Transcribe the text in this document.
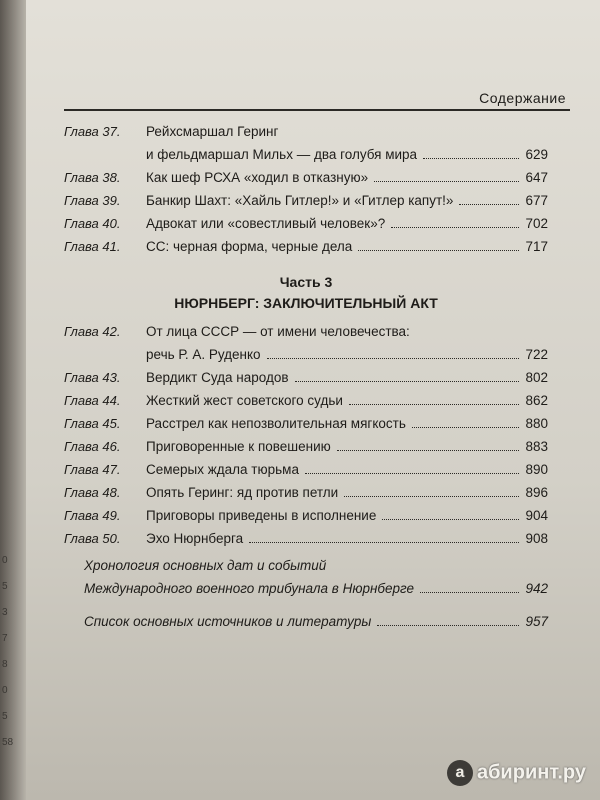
0
5
3
7
8
0
5
58
Содержание
Глава 37.	Рейхсмаршал Геринг
и фельдмаршал Мильх — два голубя мира	629
Глава 38.	Как шеф РСХА «ходил в отказную»	647
Глава 39.	Банкир Шахт: «Хайль Гитлер!» и «Гитлер капут!»	677
Глава 40.	Адвокат или «совестливый человек»?	702
Глава 41.	СС: черная форма, черные дела	717
Часть 3
НЮРНБЕРГ: ЗАКЛЮЧИТЕЛЬНЫЙ АКТ
Глава 42.	От лица СССР — от имени человечества:
речь Р. А. Руденко	722
Глава 43.	Вердикт Суда народов	802
Глава 44.	Жесткий жест советского судьи	862
Глава 45.	Расстрел как непозволительная мягкость	880
Глава 46.	Приговоренные к повешению	883
Глава 47.	Семерых ждала тюрьма	890
Глава 48.	Опять Геринг: яд против петли	896
Глава 49.	Приговоры приведены в исполнение	904
Глава 50.	Эхо Нюрнберга	908
Хронология основных дат и событий
Международного военного трибунала в Нюрнберге	942
Список основных источников и литературы	957
а абиринт.ру
